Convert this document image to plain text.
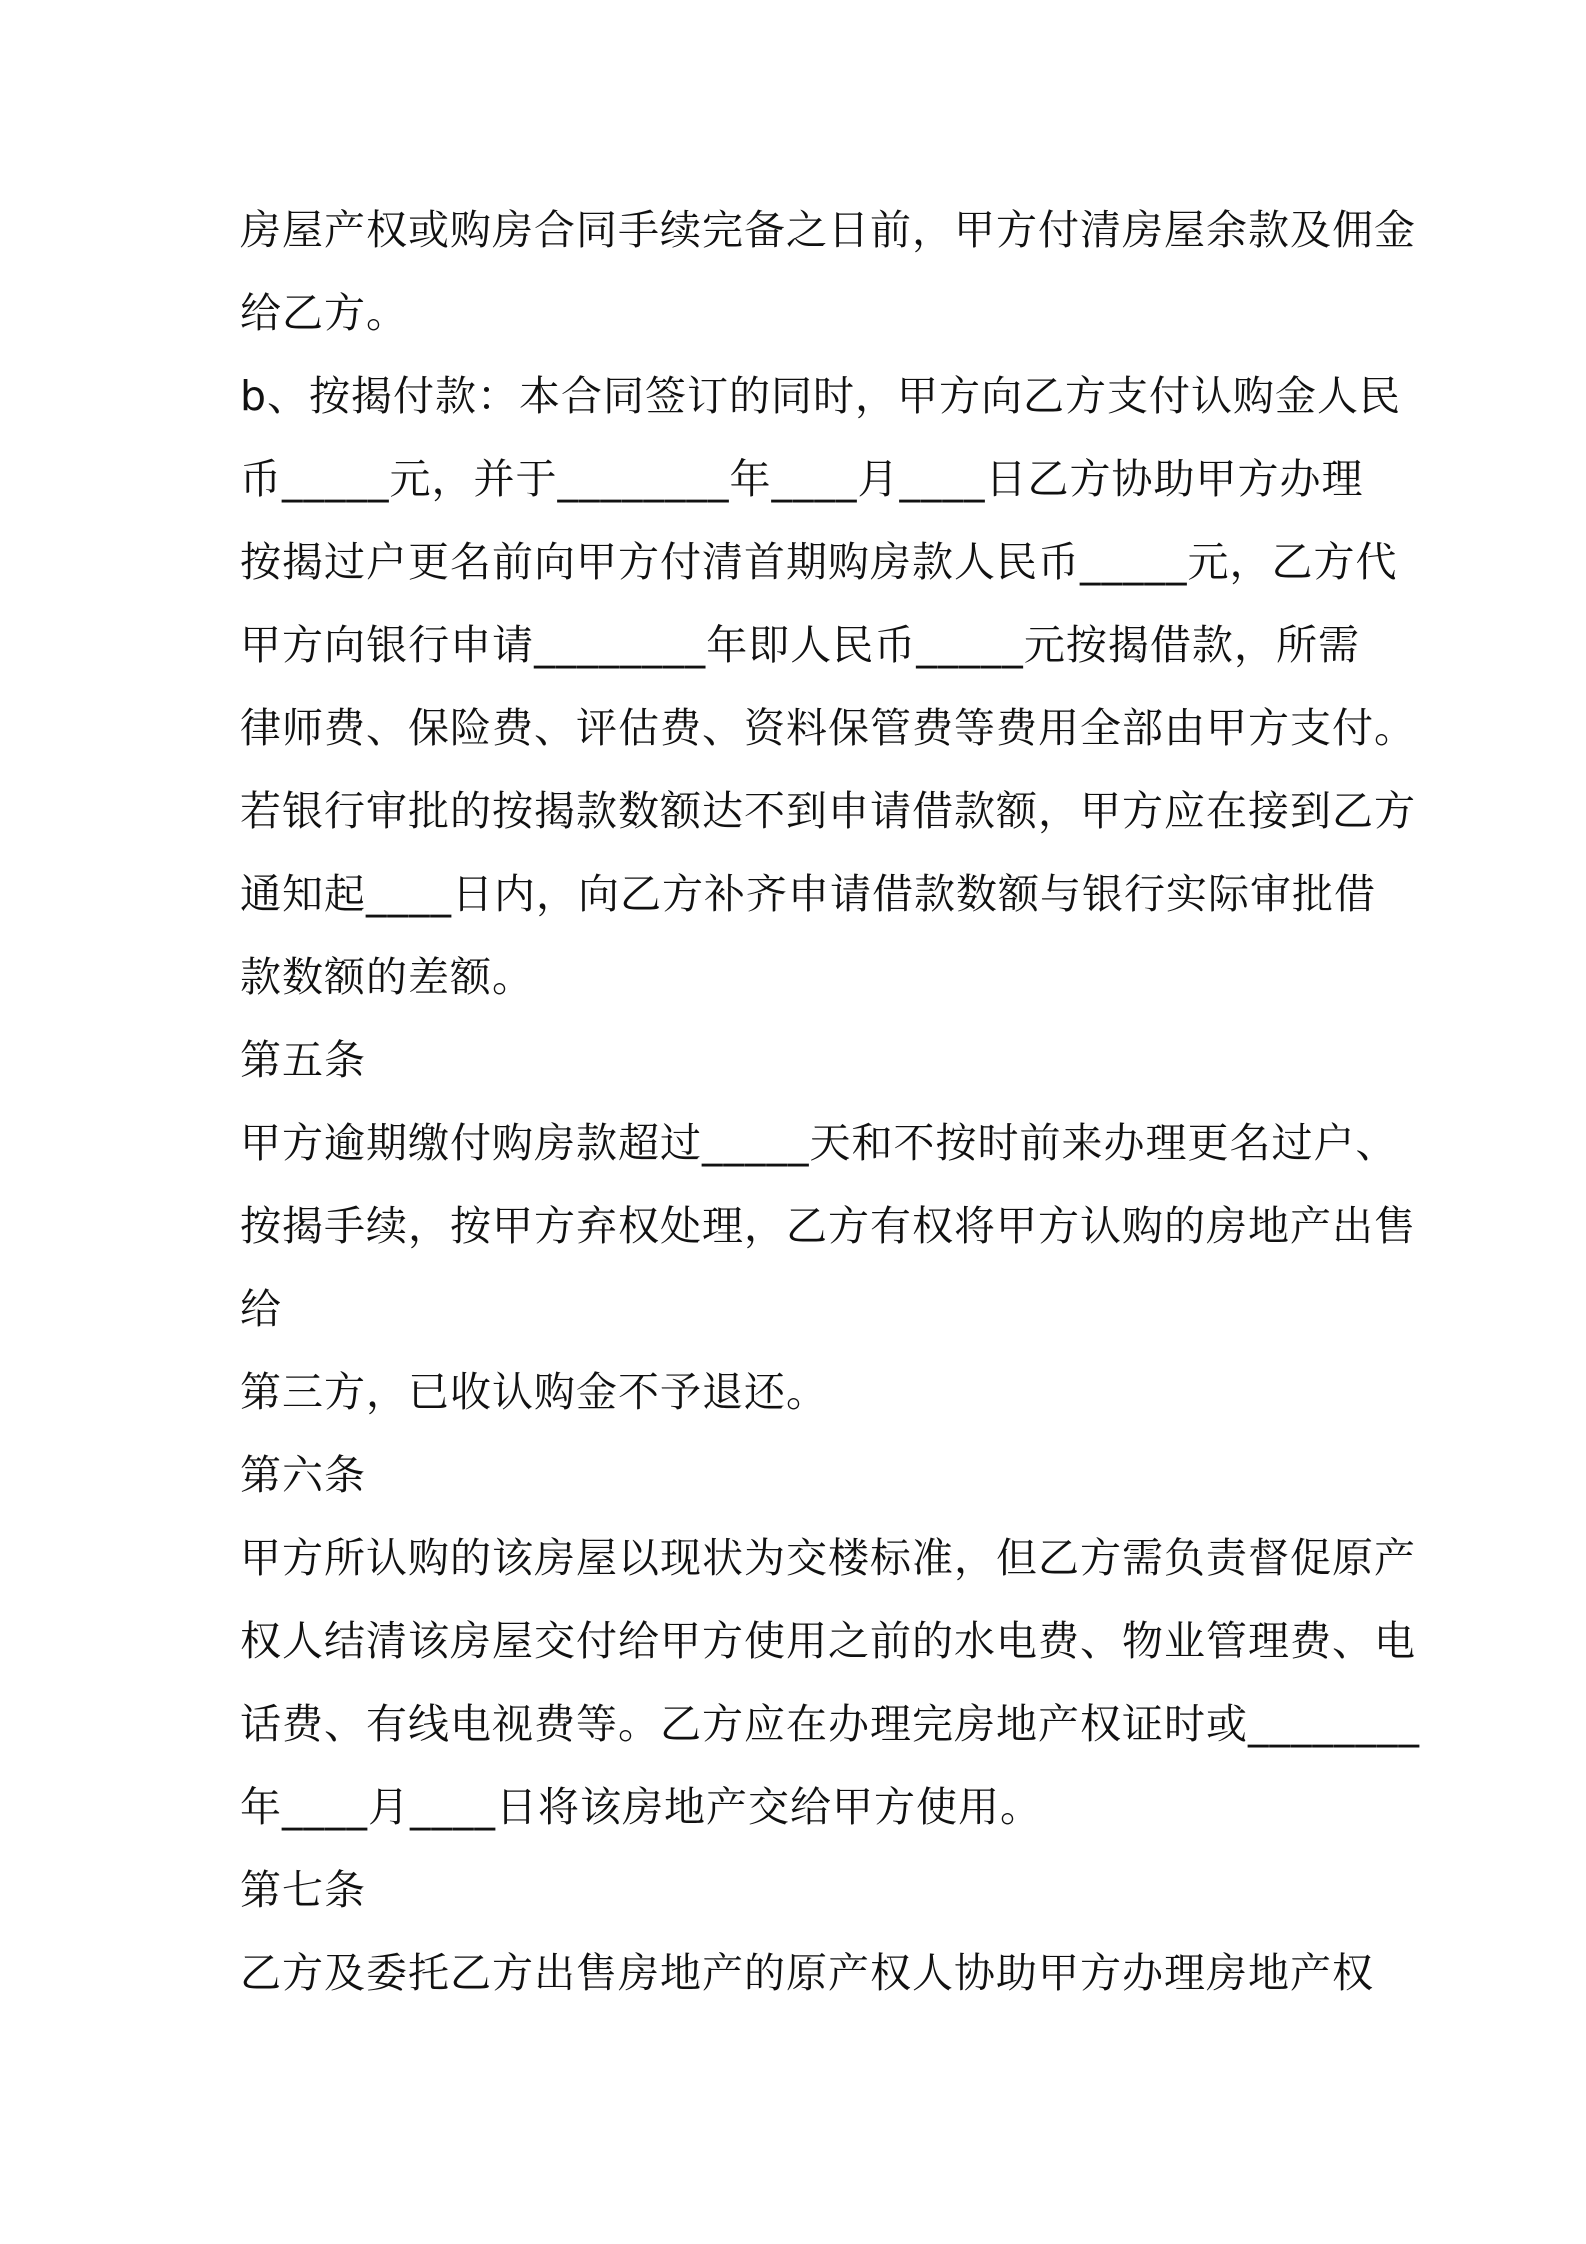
房屋产权或购房合同手续完备之日前，甲方付清房屋余款及佣金
给乙方。
b、按揭付款：本合同签订的同时，甲方向乙方支付认购金人民
币_____元，并于________年____月____日乙方协助甲方办理
按揭过户更名前向甲方付清首期购房款人民币_____元，乙方代
甲方向银行申请________年即人民币_____元按揭借款，所需
律师费、保险费、评估费、资料保管费等费用全部由甲方支付。
若银行审批的按揭款数额达不到申请借款额，甲方应在接到乙方
通知起____日内，向乙方补齐申请借款数额与银行实际审批借
款数额的差额。
第五条
甲方逾期缴付购房款超过_____天和不按时前来办理更名过户、
按揭手续，按甲方弃权处理，乙方有权将甲方认购的房地产出售
给
第三方，已收认购金不予退还。
第六条
甲方所认购的该房屋以现状为交楼标准，但乙方需负责督促原产
权人结清该房屋交付给甲方使用之前的水电费、物业管理费、电
话费、有线电视费等。乙方应在办理完房地产权证时或________
年____月____日将该房地产交给甲方使用。
第七条
乙方及委托乙方出售房地产的原产权人协助甲方办理房地产权
